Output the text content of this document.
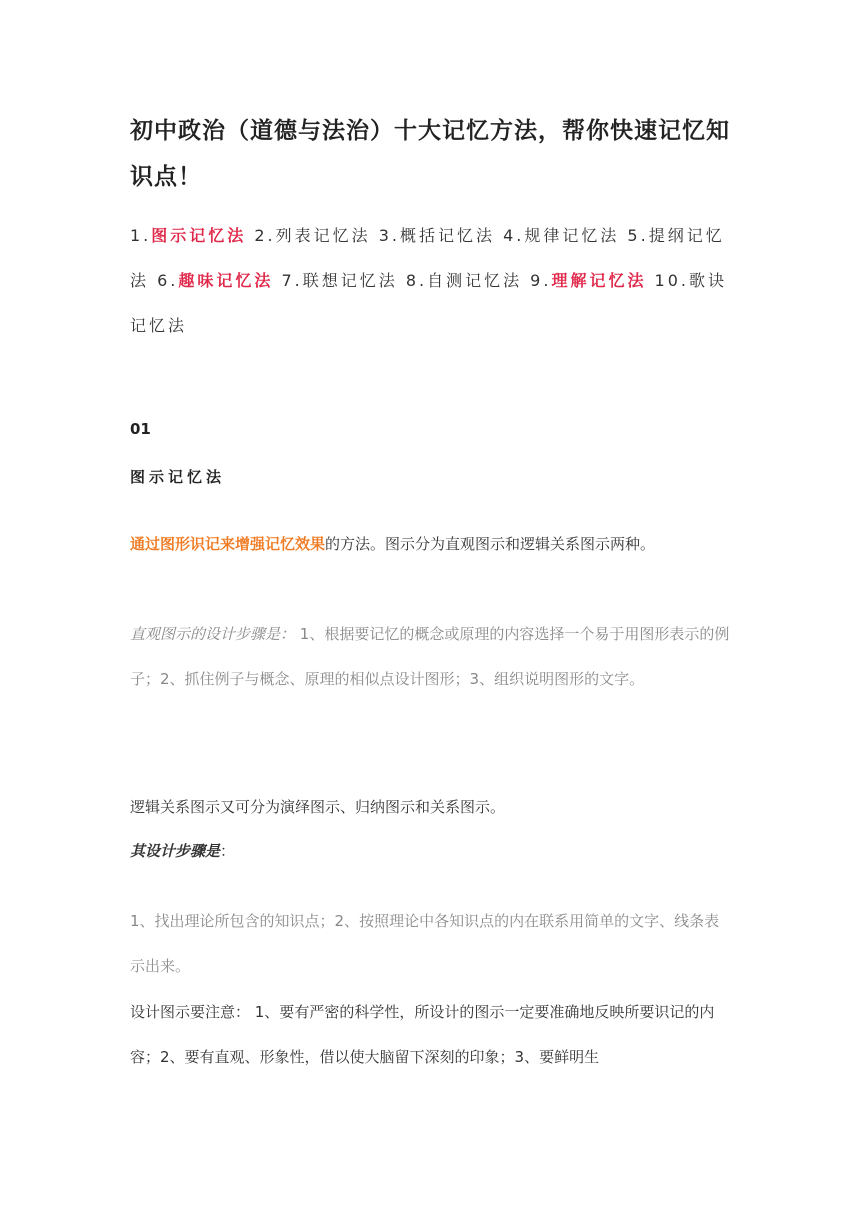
初中政治（道德与法治）十大记忆方法，帮你快速记忆知识点！
1.图示记忆法 2.列表记忆法 3.概括记忆法 4.规律记忆法 5.提纲记忆法 6.趣味记忆法 7.联想记忆法 8.自测记忆法 9.理解记忆法 10.歌诀记忆法
01
图示记忆法
通过图形识记来增强记忆效果的方法。图示分为直观图示和逻辑关系图示两种。
直观图示的设计步骤是： 1、根据要记忆的概念或原理的内容选择一个易于用图形表示的例子；2、抓住例子与概念、原理的相似点设计图形；3、组织说明图形的文字。
逻辑关系图示又可分为演绎图示、归纳图示和关系图示。
其设计步骤是：
1、找出理论所包含的知识点；2、按照理论中各知识点的内在联系用简单的文字、线条表示出来。
设计图示要注意： 1、要有严密的科学性，所设计的图示一定要准确地反映所要识记的内容；2、要有直观、形象性，借以使大脑留下深刻的印象；3、要鲜明生
